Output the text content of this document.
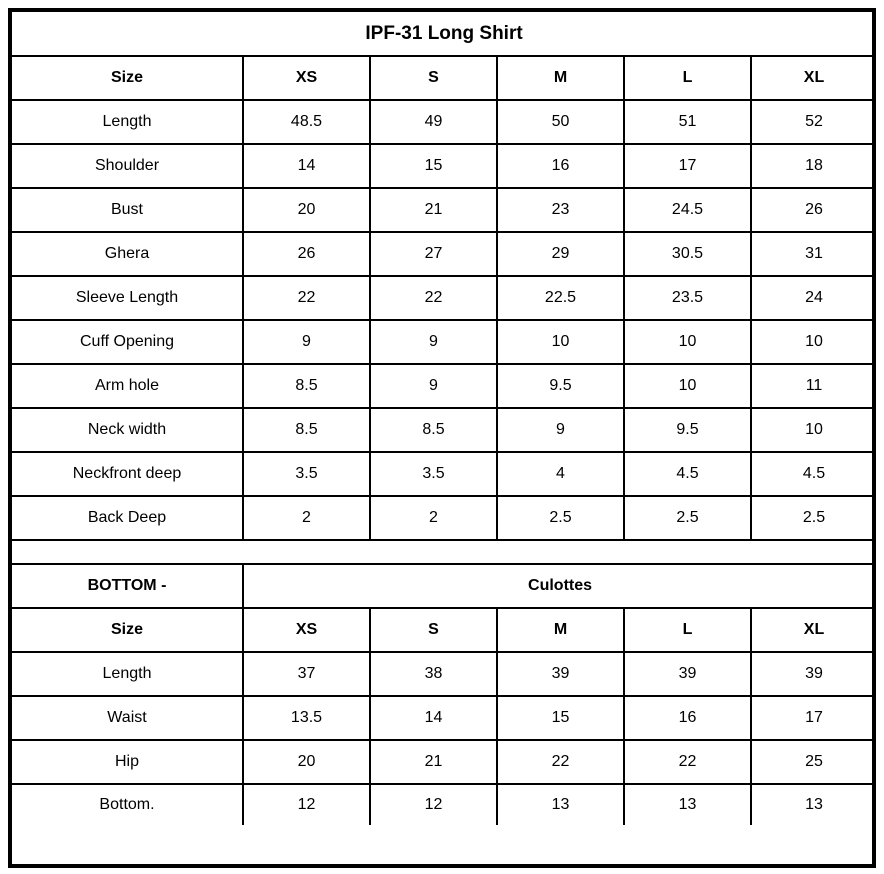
IPF-31 Long Shirt					
Size	XS	S	M	L	XL
Length	48.5	49	50	51	52
Shoulder	14	15	16	17	18
Bust	20	21	23	24.5	26
Ghera	26	27	29	30.5	31
Sleeve Length	22	22	22.5	23.5	24
Cuff Opening	9	9	10	10	10
Arm hole	8.5	9	9.5	10	11
Neck width	8.5	8.5	9	9.5	10
Neckfront deep	3.5	3.5	4	4.5	4.5
Back Deep	2	2	2.5	2.5	2.5

BOTTOM -	Culottes				
Size	XS	S	M	L	XL
Length	37	38	39	39	39
Waist	13.5	14	15	16	17
Hip	20	21	22	22	25
Bottom.	12	12	13	13	13
